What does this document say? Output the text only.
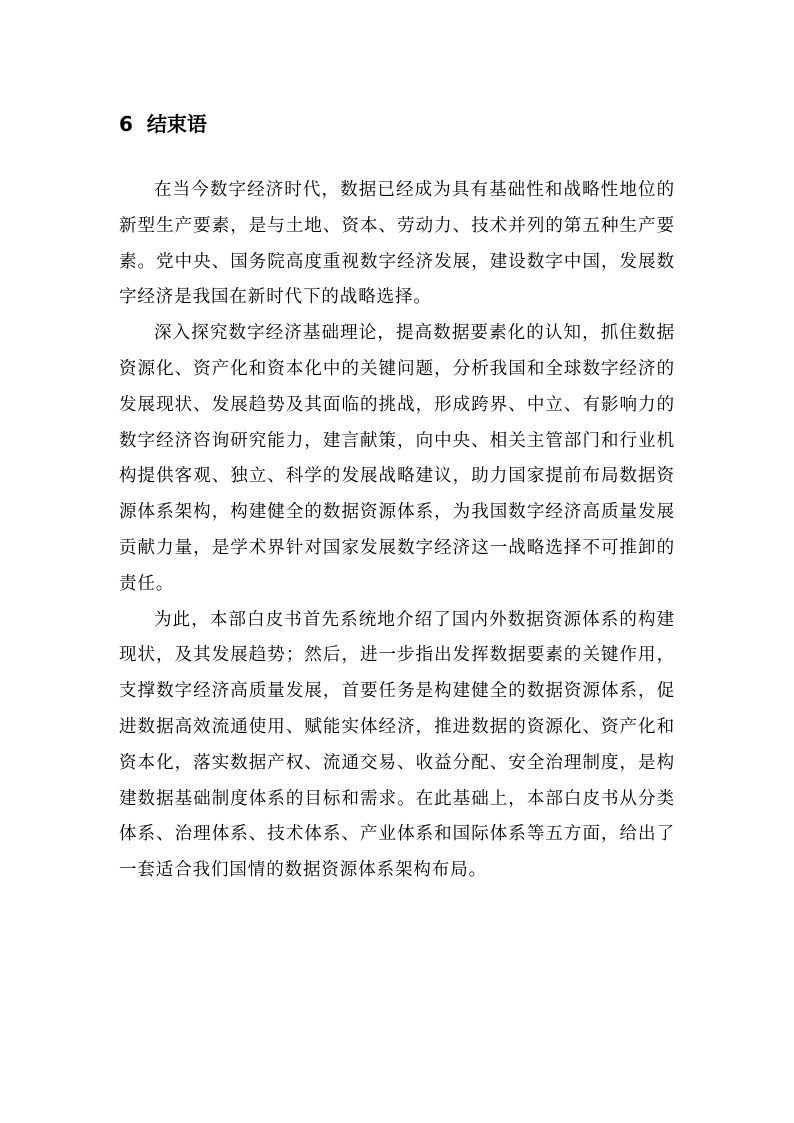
6 结束语

在当今数字经济时代，数据已经成为具有基础性和战略性地位的新型生产要素，是与土地、资本、劳动力、技术并列的第五种生产要素。党中央、国务院高度重视数字经济发展，建设数字中国，发展数字经济是我国在新时代下的战略选择。

深入探究数字经济基础理论，提高数据要素化的认知，抓住数据资源化、资产化和资本化中的关键问题，分析我国和全球数字经济的发展现状、发展趋势及其面临的挑战，形成跨界、中立、有影响力的数字经济咨询研究能力，建言献策，向中央、相关主管部门和行业机构提供客观、独立、科学的发展战略建议，助力国家提前布局数据资源体系架构，构建健全的数据资源体系，为我国数字经济高质量发展贡献力量，是学术界针对国家发展数字经济这一战略选择不可推卸的责任。

为此，本部白皮书首先系统地介绍了国内外数据资源体系的构建现状，及其发展趋势；然后，进一步指出发挥数据要素的关键作用，支撑数字经济高质量发展，首要任务是构建健全的数据资源体系，促进数据高效流通使用、赋能实体经济，推进数据的资源化、资产化和资本化，落实数据产权、流通交易、收益分配、安全治理制度，是构建数据基础制度体系的目标和需求。在此基础上，本部白皮书从分类体系、治理体系、技术体系、产业体系和国际体系等五方面，给出了一套适合我们国情的数据资源体系架构布局。
